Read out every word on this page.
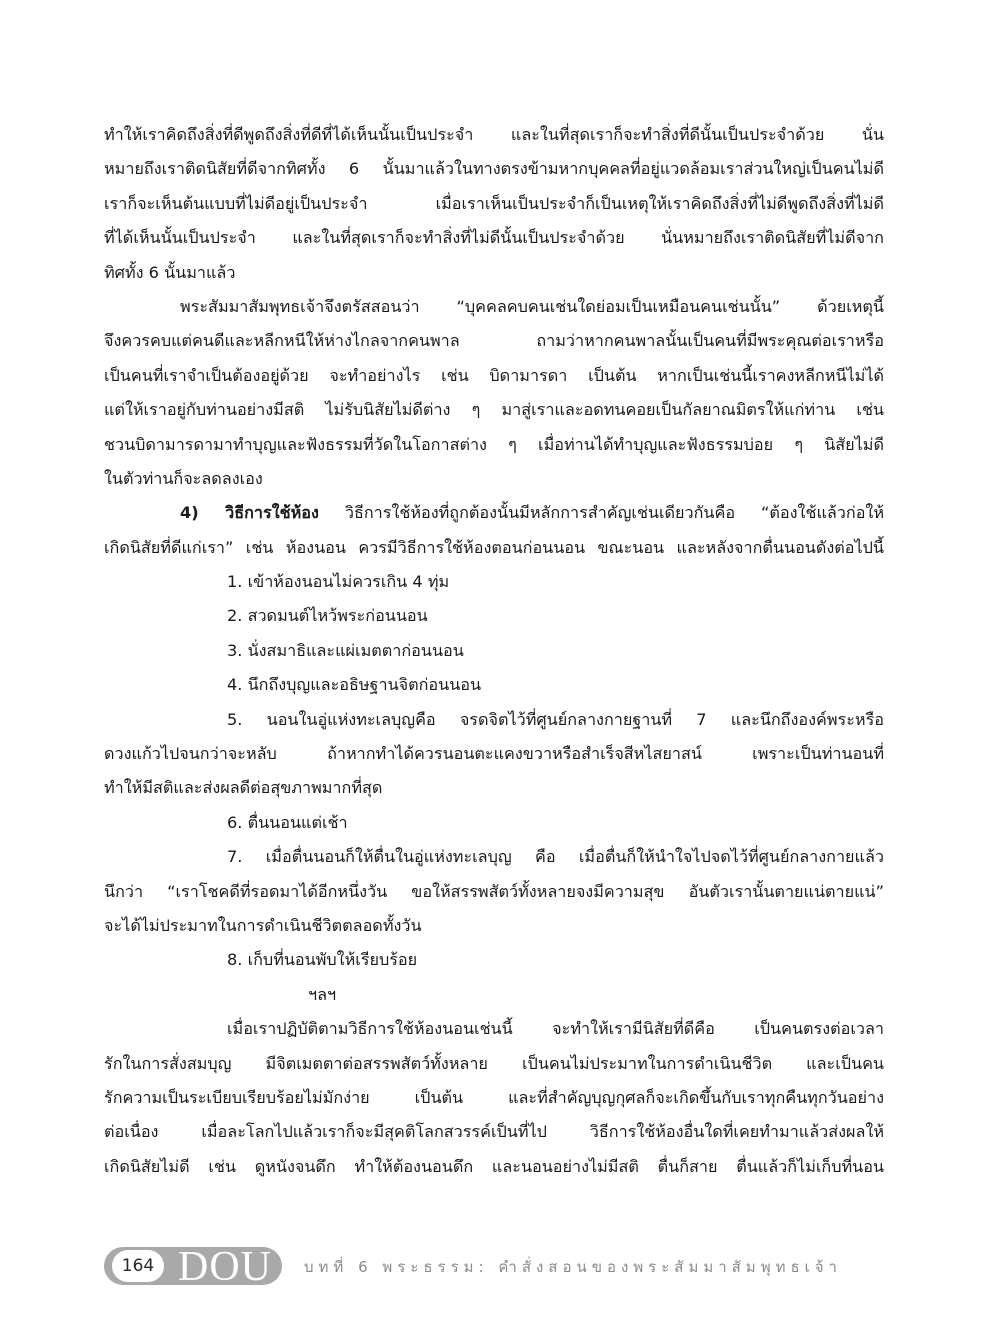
ทำให้เราคิดถึงสิ่งที่ดีพูดถึงสิ่งที่ดีที่ได้เห็นนั้นเป็นประจำ และในที่สุดเราก็จะทำสิ่งที่ดีนั้นเป็นประจำด้วย นั่น

หมายถึงเราติดนิสัยที่ดีจากทิศทั้ง 6 นั้นมาแล้วในทางตรงข้ามหากบุคคลที่อยู่แวดล้อมเราส่วนใหญ่เป็นคนไม่ดี

เราก็จะเห็นต้นแบบที่ไม่ดีอยู่เป็นประจำ เมื่อเราเห็นเป็นประจำก็เป็นเหตุให้เราคิดถึงสิ่งที่ไม่ดีพูดถึงสิ่งที่ไม่ดี

ที่ได้เห็นนั้นเป็นประจำ และในที่สุดเราก็จะทำสิ่งที่ไม่ดีนั้นเป็นประจำด้วย นั่นหมายถึงเราติดนิสัยที่ไม่ดีจาก

ทิศทั้ง 6 นั้นมาแล้ว

พระสัมมาสัมพุทธเจ้าจึงตรัสสอนว่า “บุคคลคบคนเช่นใดย่อมเป็นเหมือนคนเช่นนั้น” ด้วยเหตุนี้

จึงควรคบแต่คนดีและหลีกหนีให้ห่างไกลจากคนพาล ถามว่าหากคนพาลนั้นเป็นคนที่มีพระคุณต่อเราหรือ

เป็นคนที่เราจำเป็นต้องอยู่ด้วย จะทำอย่างไร เช่น บิดามารดา เป็นต้น หากเป็นเช่นนี้เราคงหลีกหนีไม่ได้

แต่ให้เราอยู่กับท่านอย่างมีสติ ไม่รับนิสัยไม่ดีต่าง ๆ มาสู่เราและอดทนคอยเป็นกัลยาณมิตรให้แก่ท่าน เช่น

ชวนบิดามารดามาทำบุญและฟังธรรมที่วัดในโอกาสต่าง ๆ เมื่อท่านได้ทำบุญและฟังธรรมบ่อย ๆ นิสัยไม่ดี

ในตัวท่านก็จะลดลงเอง

4) วิธีการใช้ห้อง วิธีการใช้ห้องที่ถูกต้องนั้นมีหลักการสำคัญเช่นเดียวกันคือ “ต้องใช้แล้วก่อให้

เกิดนิสัยที่ดีแก่เรา” เช่น ห้องนอน ควรมีวิธีการใช้ห้องตอนก่อนนอน ขณะนอน และหลังจากตื่นนอนดังต่อไปนี้

1. เข้าห้องนอนไม่ควรเกิน 4 ทุ่ม

2. สวดมนต์ไหว้พระก่อนนอน

3. นั่งสมาธิและแผ่เมตตาก่อนนอน

4. นึกถึงบุญและอธิษฐานจิตก่อนนอน

5. นอนในอู่แห่งทะเลบุญคือ จรดจิตไว้ที่ศูนย์กลางกายฐานที่ 7 และนึกถึงองค์พระหรือ

ดวงแก้วไปจนกว่าจะหลับ ถ้าหากทำได้ควรนอนตะแคงขวาหรือสำเร็จสีหไสยาสน์ เพราะเป็นท่านอนที่

ทำให้มีสติและส่งผลดีต่อสุขภาพมากที่สุด

6. ตื่นนอนแต่เช้า

7. เมื่อตื่นนอนก็ให้ตื่นในอู่แห่งทะเลบุญ คือ เมื่อตื่นก็ให้นำใจไปจดไว้ที่ศูนย์กลางกายแล้ว

นึกว่า “เราโชคดีที่รอดมาได้อีกหนึ่งวัน ขอให้สรรพสัตว์ทั้งหลายจงมีความสุข อันตัวเรานั้นตายแน่ตายแน่”

จะได้ไม่ประมาทในการดำเนินชีวิตตลอดทั้งวัน

8. เก็บที่นอนพับให้เรียบร้อย

ฯลฯ

เมื่อเราปฏิบัติตามวิธีการใช้ห้องนอนเช่นนี้ จะทำให้เรามีนิสัยที่ดีคือ เป็นคนตรงต่อเวลา

รักในการสั่งสมบุญ มีจิตเมตตาต่อสรรพสัตว์ทั้งหลาย เป็นคนไม่ประมาทในการดำเนินชีวิต และเป็นคน

รักความเป็นระเบียบเรียบร้อยไม่มักง่าย เป็นต้น และที่สำคัญบุญกุศลก็จะเกิดขึ้นกับเราทุกคืนทุกวันอย่าง

ต่อเนื่อง เมื่อละโลกไปแล้วเราก็จะมีสุคติโลกสวรรค์เป็นที่ไป วิธีการใช้ห้องอื่นใดที่เคยทำมาแล้วส่งผลให้

เกิดนิสัยไม่ดี เช่น ดูหนังจนดึก ทำให้ต้องนอนดึก และนอนอย่างไม่มีสติ ตื่นก็สาย ตื่นแล้วก็ไม่เก็บที่นอน

164 DOU บทที่ 6 พระธรรม: คำสั่งสอนของพระสัมมาสัมพุทธเจ้า
